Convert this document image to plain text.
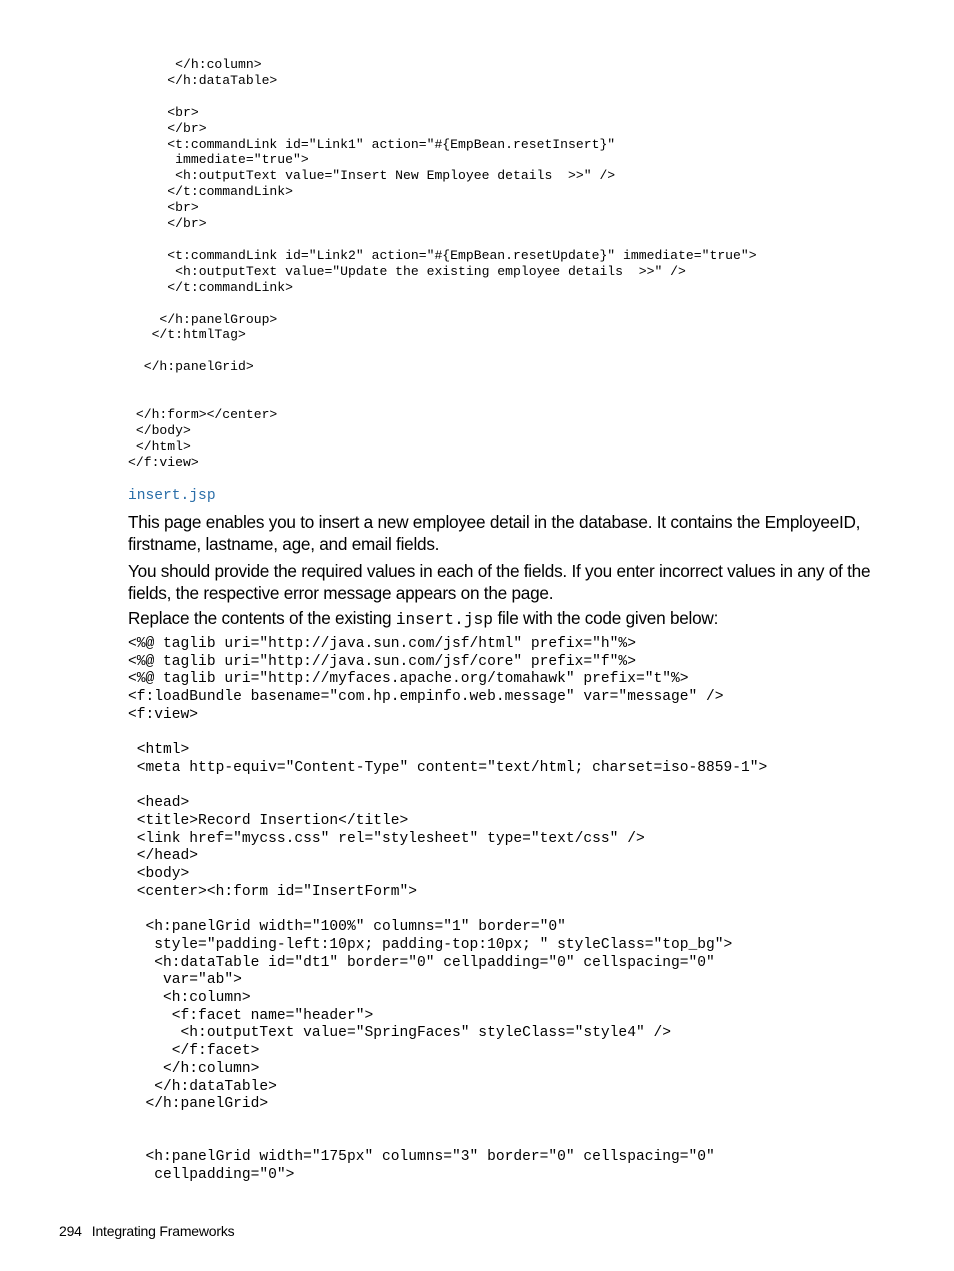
</h:column>
</h:dataTable>

<br>
</br>
<t:commandLink id="Link1" action="#{EmpBean.resetInsert}"
immediate="true">
<h:outputText value="Insert New Employee details  >>" />
</t:commandLink>
<br>
</br>

<t:commandLink id="Link2" action="#{EmpBean.resetUpdate}" immediate="true">
<h:outputText value="Update the existing employee details  >>" />
</t:commandLink>

</h:panelGroup>
</t:htmlTag>

</h:panelGrid>

</h:form></center>
</body>
</html>
</f:view>
insert.jsp

This page enables you to insert a new employee detail in the database. It contains the EmployeeID, firstname, lastname, age, and email fields.

You should provide the required values in each of the fields. If you enter incorrect values in any of the fields, the respective error message appears on the page.

Replace the contents of the existing insert.jsp file with the code given below:

<%@ taglib uri="http://java.sun.com/jsf/html" prefix="h"%>
<%@ taglib uri="http://java.sun.com/jsf/core" prefix="f"%>
<%@ taglib uri="http://myfaces.apache.org/tomahawk" prefix="t"%>
<f:loadBundle basename="com.hp.empinfo.web.message" var="message" />
<f:view>

<html>
<meta http-equiv="Content-Type" content="text/html; charset=iso-8859-1">

<head>
<title>Record Insertion</title>
<link href="mycss.css" rel="stylesheet" type="text/css" />
</head>
<body>
<center><h:form id="InsertForm">

<h:panelGrid width="100%" columns="1" border="0"
style="padding-left:10px; padding-top:10px; " styleClass="top_bg">
<h:dataTable id="dt1" border="0" cellpadding="0" cellspacing="0"
var="ab">
<h:column>
<f:facet name="header">
<h:outputText value="SpringFaces" styleClass="style4" />
</f:facet>
</h:column>
</h:dataTable>
</h:panelGrid>

<h:panelGrid width="175px" columns="3" border="0" cellspacing="0"
cellpadding="0">
294 Integrating Frameworks
